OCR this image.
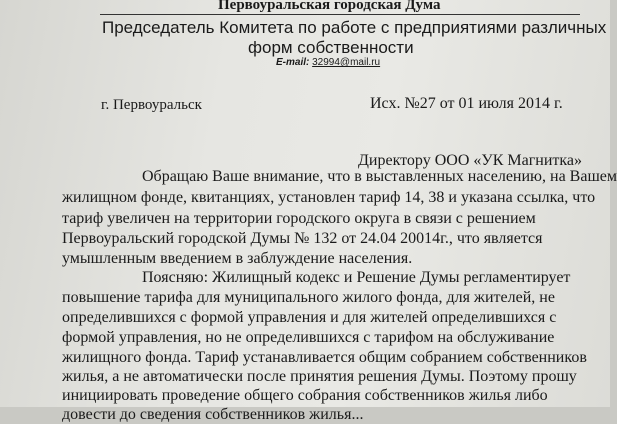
Первоуральская городская Дума
Председатель Комитета по работе с предприятиями различных
форм собственности
E-mail: 32994@mail.ru
г. Первоуральск	Исх. №27 от 01 июля 2014 г.
Директору ООО «УК Магнитка»
Обращаю Ваше внимание, что в выставленных населению, на Вашем
жилищном фонде, квитанциях, установлен тариф 14, 38 и указана ссылка, что
тариф увеличен на территории городского округа в связи с решением
Первоуральский городской Думы № 132 от 24.04 20014г., что является
умышленным введением в заблуждение населения.
Поясняю: Жилищный кодекс и Решение Думы регламентирует
повышение тарифа для муниципального жилого фонда, для жителей, не
определившихся с формой управления и для жителей определившихся с
формой управления, но не определившихся с тарифом на обслуживание
жилищного фонда. Тариф устанавливается общим собранием собственников
жилья, а не автоматически после принятия решения Думы. Поэтому прошу
инициировать проведение общего собрания собственников жилья либо
довести до сведения собственников жилья...
